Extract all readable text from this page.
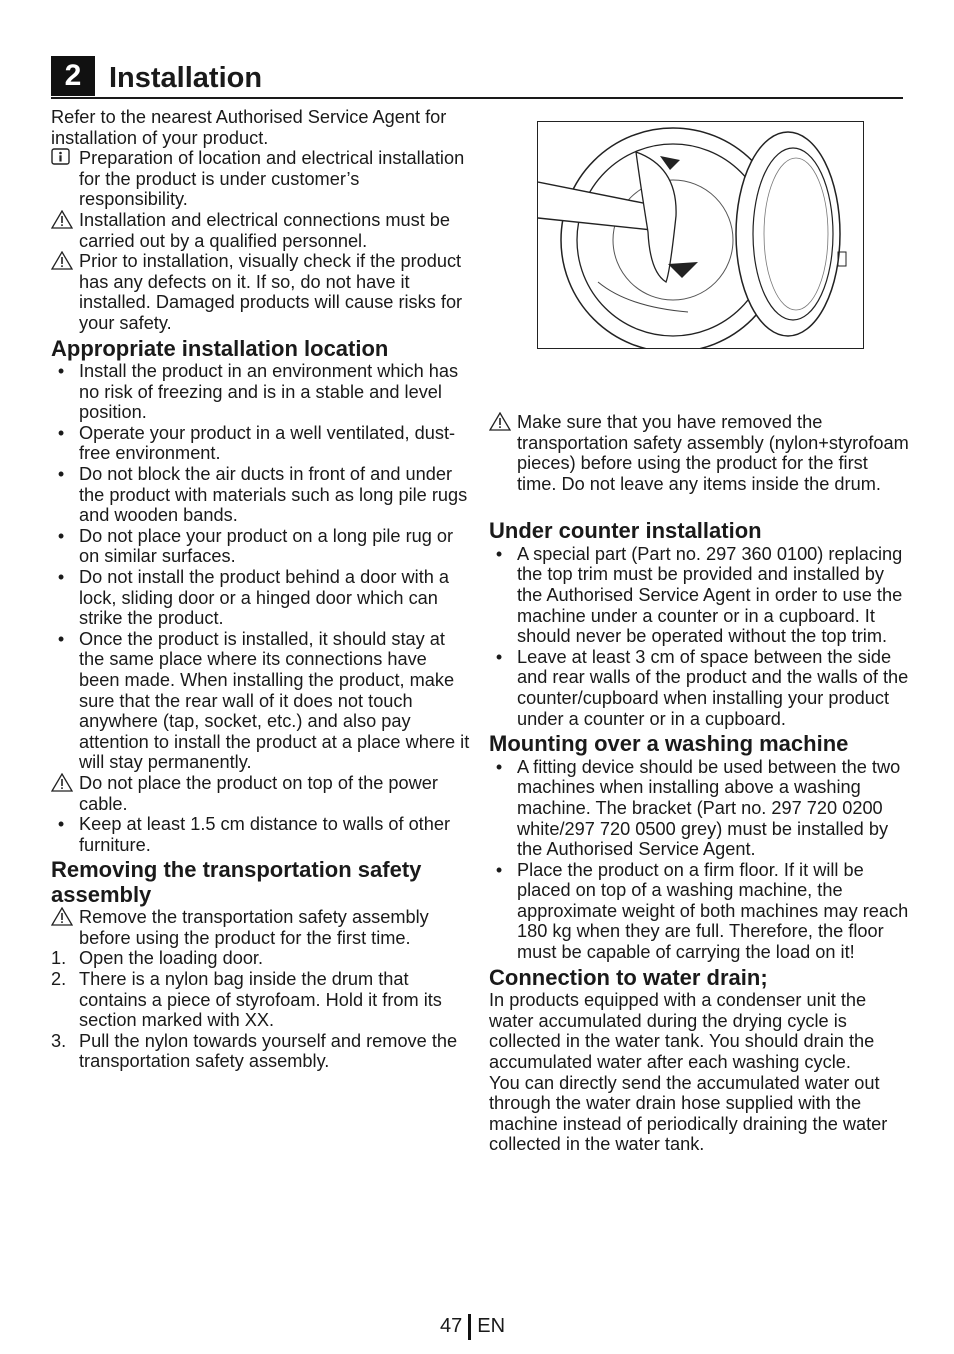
2 Installation

Refer to the nearest Authorised Service Agent for installation of your product.

Preparation of location and electrical installation for the product is under customer’s responsibility.

Installation and electrical connections must be carried out by a qualified personnel.

Prior to installation, visually check if the product has any defects on it. If so, do not have it installed. Damaged products will cause risks for your safety.

Appropriate installation location
• Install the product in an environment which has no risk of freezing and is in a stable and level position.

• Operate your product in a well ventilated, dust-free environment.

• Do not block the air ducts in front of and under the product with materials such as long pile rugs and wooden bands.

• Do not place your product on a long pile rug or on similar surfaces.

• Do not install the product behind a door with a lock, sliding door or a hinged door which can strike the product.

• Once the product is installed, it should stay at the same place where its connections have been made. When installing the product, make sure that the rear wall of it does not touch anywhere (tap, socket, etc.) and also pay attention to install the product at a place where it will stay permanently.

Do not place the product on top of the power cable.

• Keep at least 1.5 cm distance to walls of other furniture.

Removing the transportation safety assembly

Remove the transportation safety assembly before using the product for the first time.

1. Open the loading door.

2. There is a nylon bag inside the drum that contains a piece of styrofoam. Hold it from its section marked with XX.

3. Pull the nylon towards yourself and remove the transportation safety assembly.

Make sure that you have removed the transportation safety assembly (nylon+styrofoam pieces) before using the product for the first time. Do not leave any items inside the drum.

Under counter installation
• A special part (Part no. 297 360 0100) replacing the top trim must be provided and installed by the Authorised Service Agent in order to use the machine under a counter or in a cupboard. It should never be operated without the top trim.

• Leave at least 3 cm of space between the side and rear walls of the product and the walls of the counter/cupboard when installing your product under a counter or in a cupboard.

Mounting over a washing machine
• A fitting device should be used between the two machines when installing above a washing machine. The bracket (Part no. 297 720 0200 white/297 720 0500 grey) must be installed by the Authorised Service Agent.

• Place the product on a firm floor. If it will be placed on top of a washing machine, the approximate weight of both machines may reach 180 kg when they are full. Therefore, the floor must be capable of carrying the load on it!

Connection to water drain;

In products equipped with a condenser unit the water accumulated during the drying cycle is collected in the water tank. You should drain the accumulated water after each washing cycle.

You can directly send the accumulated water out through the water drain hose supplied with the machine instead of periodically draining the water collected in the water tank.

47 EN
